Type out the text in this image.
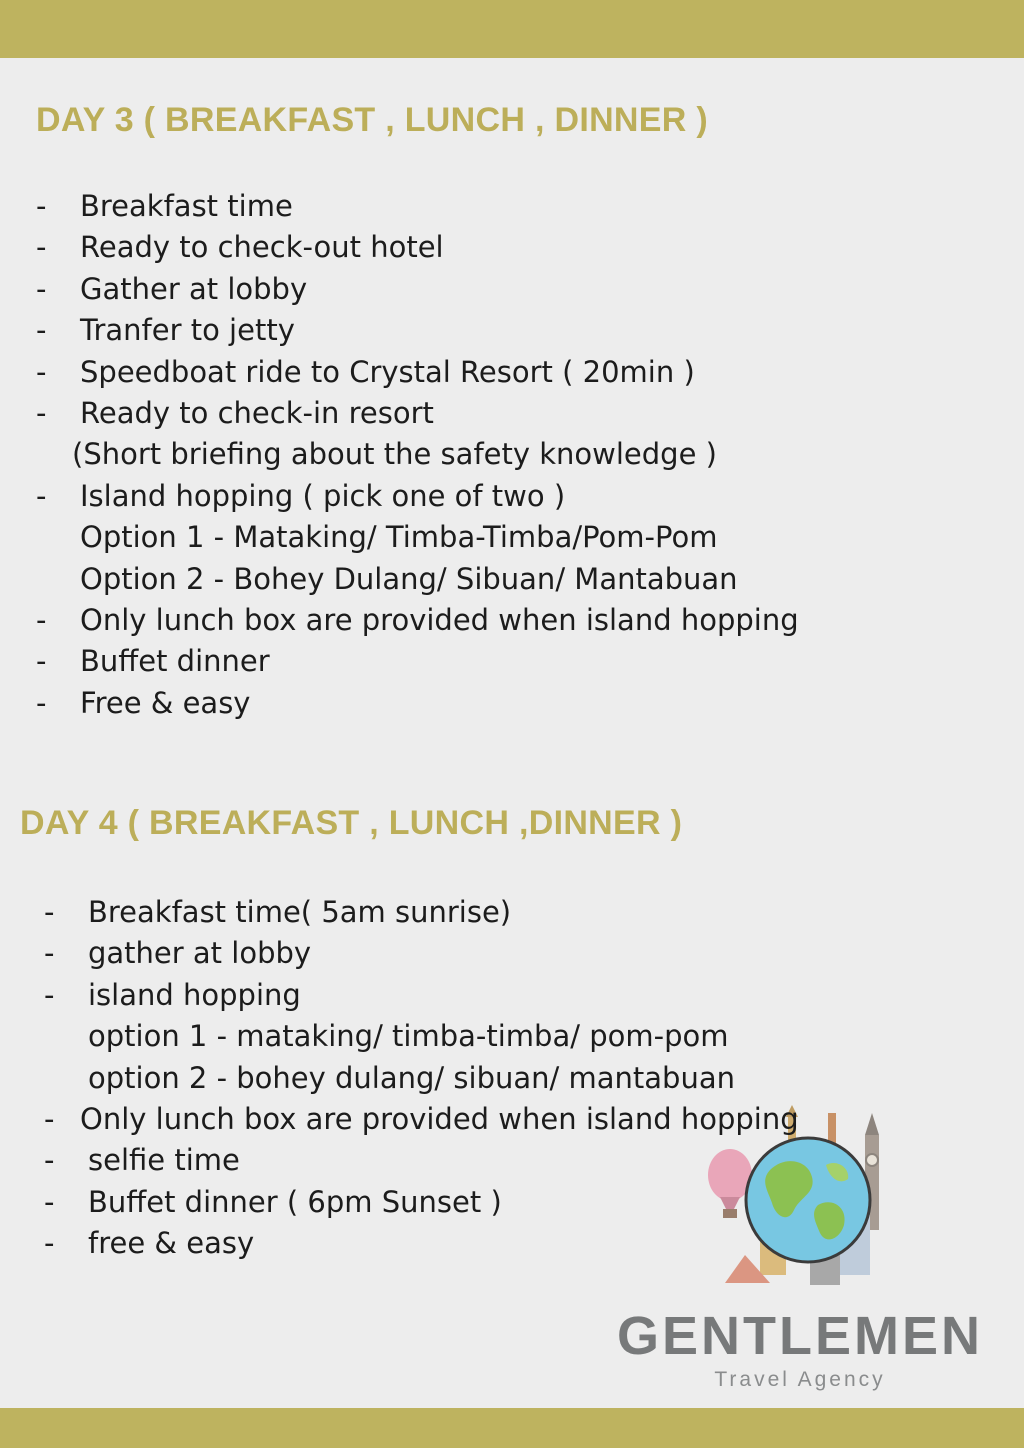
DAY 3 ( BREAKFAST , LUNCH , DINNER )
- Breakfast time
- Ready to check-out hotel
- Gather at lobby
- Tranfer to jetty
- Speedboat ride to Crystal Resort ( 20min )
- Ready to check-in resort
(Short briefing about the safety knowledge )
- Island hopping ( pick one of two )
Option 1 - Mataking/ Timba-Timba/Pom-Pom
Option 2 - Bohey Dulang/ Sibuan/ Mantabuan
- Only lunch box are provided when island hopping
- Buffet dinner
- Free & easy
DAY 4 ( BREAKFAST , LUNCH ,DINNER )
GENTLEMEN
Travel Agency
- Breakfast time( 5am sunrise)
- gather at lobby
- island hopping
option 1 - mataking/ timba-timba/ pom-pom
option 2 - bohey dulang/ sibuan/ mantabuan
- Only lunch box are provided when island hopping
- selfie time
- Buffet dinner ( 6pm Sunset )
- free & easy
